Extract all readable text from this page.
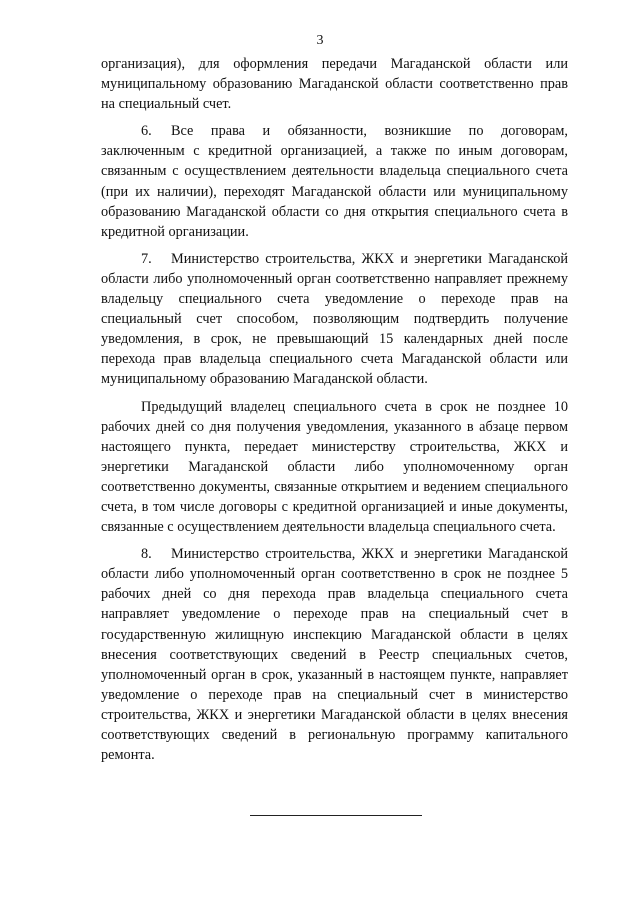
3

организация), для оформления передачи Магаданской области или муниципальному образованию Магаданской области соответственно прав на специальный счет.

6. Все права и обязанности, возникшие по договорам, заключенным с кредитной организацией, а также по иным договорам, связанным с осуществлением деятельности владельца специального счета (при их наличии), переходят Магаданской области или муниципальному образованию Магаданской области со дня открытия специального счета в кредитной организации.

7. Министерство строительства, ЖКХ и энергетики Магаданской области либо уполномоченный орган соответственно направляет прежнему владельцу специального счета уведомление о переходе прав на специальный счет способом, позволяющим подтвердить получение уведомления, в срок, не превышающий 15 календарных дней после перехода прав владельца специального счета Магаданской области или муниципальному образованию Магаданской области.

Предыдущий владелец специального счета в срок не позднее 10 рабочих дней со дня получения уведомления, указанного в абзаце первом настоящего пункта, передает министерству строительства, ЖКХ и энергетики Магаданской области либо уполномоченному орган соответственно документы, связанные открытием и ведением специального счета, в том числе договоры с кредитной организацией и иные документы, связанные с осуществлением деятельности владельца специального счета.

8. Министерство строительства, ЖКХ и энергетики Магаданской области либо уполномоченный орган соответственно в срок не позднее 5 рабочих дней со дня перехода прав владельца специального счета направляет уведомление о переходе прав на специальный счет в государственную жилищную инспекцию Магаданской области в целях внесения соответствующих сведений в Реестр специальных счетов, уполномоченный орган в срок, указанный в настоящем пункте, направляет уведомление о переходе прав на специальный счет в министерство строительства, ЖКХ и энергетики Магаданской области в целях внесения соответствующих сведений в региональную программу капитального ремонта.
